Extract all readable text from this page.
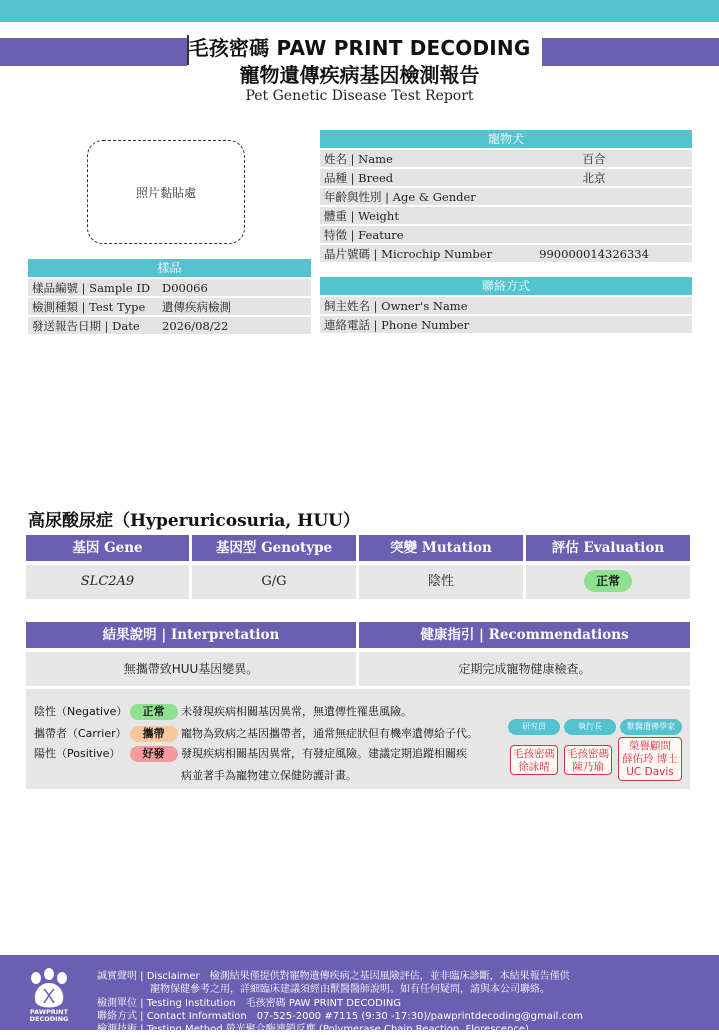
毛孩密碼 PAW PRINT DECODING
寵物遺傳疾病基因檢測報告
Pet Genetic Disease Test Report
照片黏貼處
樣品
樣品編號 | Sample ID	D00066
檢測種類 | Test Type	遺傳疾病檢測
發送報告日期 | Date	2026/08/22
寵物犬
姓名 | Name	百合
品種 | Breed	北京
年齡與性別 | Age & Gender	
體重 | Weight	
特徵 | Feature	
晶片號碼 | Microchip Number	990000014326334
聯絡方式
飼主姓名 | Owner's Name	
連絡電話 | Phone Number	
高尿酸尿症（Hyperuricosuria, HUU）
基因 Gene	基因型 Genotype	突變 Mutation	評估 Evaluation
SLC2A9	G/G	陰性	正常
結果說明 | Interpretation	健康指引 | Recommendations
無攜帶致HUU基因變異。	定期完成寵物健康檢查。
陰性（Negative） 正常	未發現疾病相關基因異常，無遺傳性罹患風險。
攜帶者（Carrier） 攜帶	寵物為致病之基因攜帶者，通常無症狀但有機率遺傳給子代。
陽性（Positive） 好發	發現疾病相關基因異常，有發症風險。建議定期追蹤相關疾
病並著手為寵物建立保健防護計畫。
研究員	執行長	獸醫遺傳學家
毛孩密碼
徐詠晴
毛孩密碼
陳乃瑜
榮譽顧問
薛佑玲 博士
UC Davis
PAWPRINT DECODING
誠實聲明 | Disclaimer　檢測結果僅提供對寵物遺傳疾病之基因風險評估，並非臨床診斷，本結果報告僅供
寵物保健參考之用，詳細臨床建議須經由獸醫醫師說明。如有任何疑問，請與本公司聯絡。
檢測單位 | Testing Institution　毛孩密碼 PAW PRINT DECODING
聯絡方式 | Contact Information　07-525-2000 #7115 (9:30 -17:30)/pawprintdecoding@gmail.com
檢測技術 | Testing Method 螢光聚合酶連鎖反應 (Polymerase Chain Reaction, Florescence)
